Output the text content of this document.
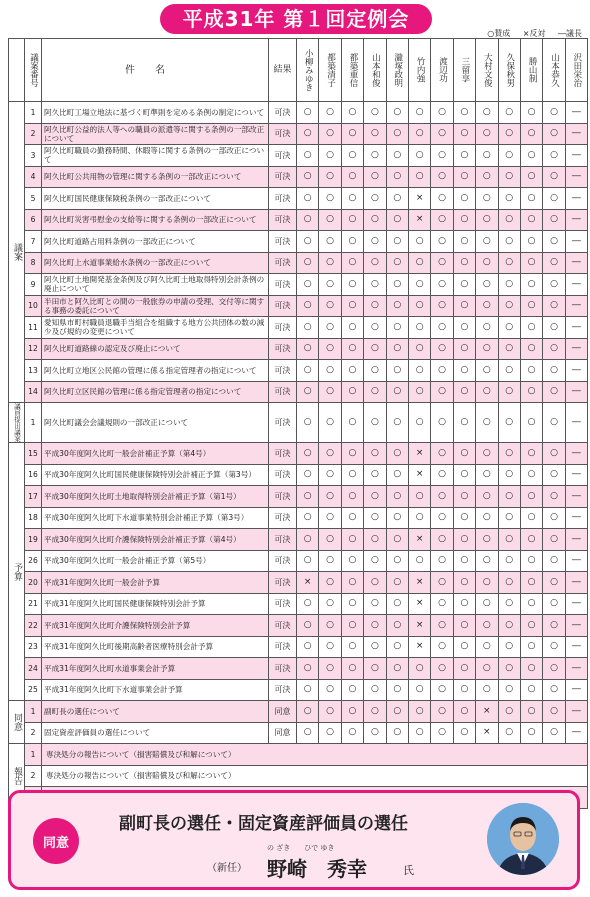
平成31年 第１回定例会
○賛成 ×反対 ―議長

	議案番号	件名	結果	小柳みゆき	都築清子	都築重信	山本和俊	瀧塚政明	竹内強	渡辺功	三留享	大村文俊	久保秋男	勝山制	山本恭久	沢田栄治

議案	1	阿久比町工場立地法に基づく町準則を定める条例の制定について	可決	○	○	○	○	○	○	○	○	○	○	○	○	―
	2	阿久比町公益的法人等への職員の派遣等に関する条例の一部改正について	可決	○	○	○	○	○	○	○	○	○	○	○	○	―
	3	阿久比町職員の勤務時間、休暇等に関する条例の一部改正について	可決	○	○	○	○	○	○	○	○	○	○	○	○	―
	4	阿久比町公共用物の管理に関する条例の一部改正について	可決	○	○	○	○	○	○	○	○	○	○	○	○	―
	5	阿久比町国民健康保険税条例の一部改正について	可決	○	○	○	○	○	×	○	○	○	○	○	○	―
	6	阿久比町災害弔慰金の支給等に関する条例の一部改正について	可決	○	○	○	○	○	×	○	○	○	○	○	○	―
	7	阿久比町道路占用料条例の一部改正について	可決	○	○	○	○	○	○	○	○	○	○	○	○	―
	8	阿久比町上水道事業給水条例の一部改正について	可決	○	○	○	○	○	○	○	○	○	○	○	○	―
	9	阿久比町土地開発基金条例及び阿久比町土地取得特別会計条例の廃止について	可決	○	○	○	○	○	○	○	○	○	○	○	○	―
	10	半田市と阿久比町との間の一般旅券の申請の受理、交付等に関する事務の委託について	可決	○	○	○	○	○	○	○	○	○	○	○	○	―
	11	愛知県市町村職員退職手当組合を組織する地方公共団体の数の減少及び規約の変更について	可決	○	○	○	○	○	○	○	○	○	○	○	○	―
	12	阿久比町道路線の認定及び廃止について	可決	○	○	○	○	○	○	○	○	○	○	○	○	―
	13	阿久比町立地区公民館の管理に係る指定管理者の指定について	可決	○	○	○	○	○	○	○	○	○	○	○	○	―
	14	阿久比町立区民館の管理に係る指定管理者の指定について	可決	○	○	○	○	○	○	○	○	○	○	○	○	―

議員提出議案	1	阿久比町議会会議規則の一部改正について	可決	○	○	○	○	○	○	○	○	○	○	○	○	―

予算	15	平成30年度阿久比町一般会計補正予算（第4号）	可決	○	○	○	○	○	×	○	○	○	○	○	○	―
	16	平成30年度阿久比町国民健康保険特別会計補正予算（第3号）	可決	○	○	○	○	○	×	○	○	○	○	○	○	―
	17	平成30年度阿久比町土地取得特別会計補正予算（第1号）	可決	○	○	○	○	○	○	○	○	○	○	○	○	―
	18	平成30年度阿久比町下水道事業特別会計補正予算（第3号）	可決	○	○	○	○	○	○	○	○	○	○	○	○	―
	19	平成30年度阿久比町介護保険特別会計補正予算（第4号）	可決	○	○	○	○	○	×	○	○	○	○	○	○	―
	26	平成30年度阿久比町一般会計補正予算（第5号）	可決	○	○	○	○	○	○	○	○	○	○	○	○	―
	20	平成31年度阿久比町一般会計予算	可決	×	○	○	○	○	×	○	○	○	○	○	○	―
	21	平成31年度阿久比町国民健康保険特別会計予算	可決	○	○	○	○	○	×	○	○	○	○	○	○	―
	22	平成31年度阿久比町介護保険特別会計予算	可決	○	○	○	○	○	×	○	○	○	○	○	○	―
	23	平成31年度阿久比町後期高齢者医療特別会計予算	可決	○	○	○	○	○	×	○	○	○	○	○	○	―
	24	平成31年度阿久比町水道事業会計予算	可決	○	○	○	○	○	○	○	○	○	○	○	○	―
	25	平成31年度阿久比町下水道事業会計予算	可決	○	○	○	○	○	○	○	○	○	○	○	○	―

同意	1	副町長の選任について	同意	○	○	○	○	○	○	○	○	×	○	○	○	―
	2	固定資産評価員の選任について	同意	○	○	○	○	○	○	○	○	×	○	○	○	―

報告	1	専決処分の報告について（損害賠償及び和解について）														
	2	専決処分の報告について（損害賠償及び和解について）														

同意
副町長の選任・固定資産評価員の選任
（新任）
の ざき　　ひで ゆき
野崎　秀幸	氏
